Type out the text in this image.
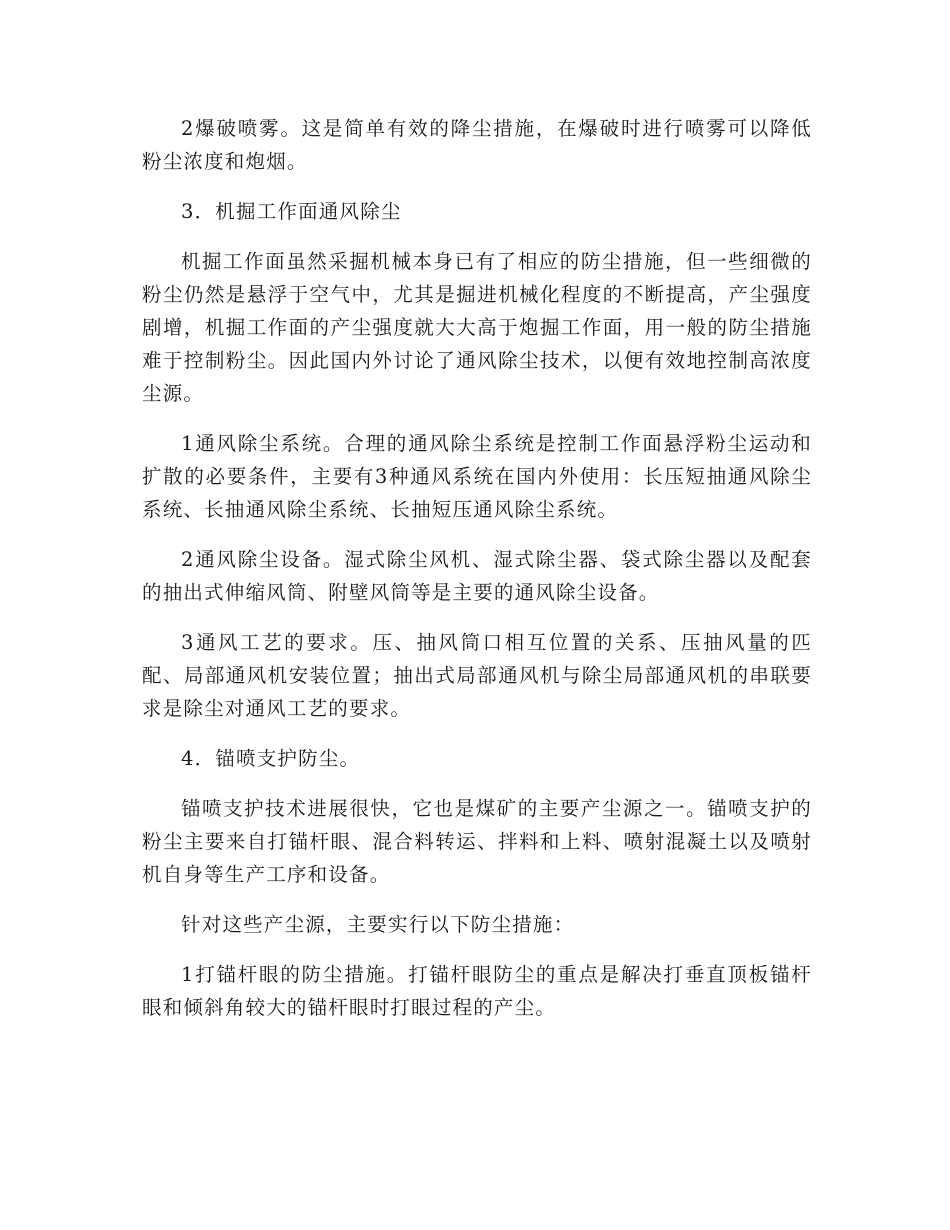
2爆破喷雾。这是简单有效的降尘措施，在爆破时进行喷雾可以降低粉尘浓度和炮烟。

3．机掘工作面通风除尘

机掘工作面虽然采掘机械本身已有了相应的防尘措施，但一些细微的粉尘仍然是悬浮于空气中，尤其是掘进机械化程度的不断提高，产尘强度剧增，机掘工作面的产尘强度就大大高于炮掘工作面，用一般的防尘措施难于控制粉尘。因此国内外讨论了通风除尘技术，以便有效地控制高浓度尘源。

1通风除尘系统。合理的通风除尘系统是控制工作面悬浮粉尘运动和扩散的必要条件，主要有3种通风系统在国内外使用：长压短抽通风除尘系统、长抽通风除尘系统、长抽短压通风除尘系统。

2通风除尘设备。湿式除尘风机、湿式除尘器、袋式除尘器以及配套的抽出式伸缩风筒、附壁风筒等是主要的通风除尘设备。

3通风工艺的要求。压、抽风筒口相互位置的关系、压抽风量的匹配、局部通风机安装位置；抽出式局部通风机与除尘局部通风机的串联要求是除尘对通风工艺的要求。

4．锚喷支护防尘。

锚喷支护技术进展很快，它也是煤矿的主要产尘源之一。锚喷支护的粉尘主要来自打锚杆眼、混合料转运、拌料和上料、喷射混凝土以及喷射机自身等生产工序和设备。

针对这些产尘源，主要实行以下防尘措施：

1打锚杆眼的防尘措施。打锚杆眼防尘的重点是解决打垂直顶板锚杆眼和倾斜角较大的锚杆眼时打眼过程的产尘。
